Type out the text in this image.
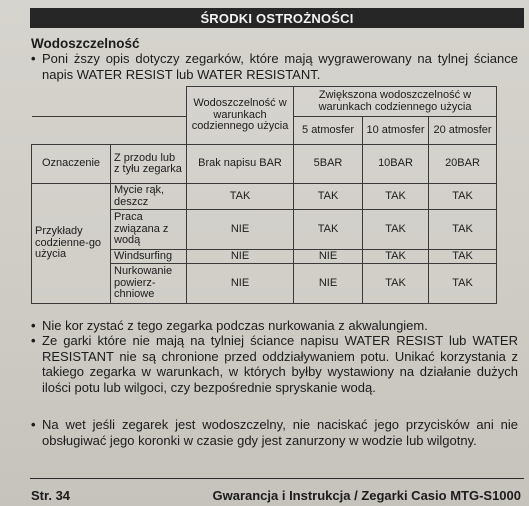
ŚRODKI OSTROŻNOŚCI
Wodoszczelność
• Poni ższy opis dotyczy zegarków, które mają wygrawerowany na tylnej ściance napis WATER RESIST lub WATER RESISTANT.
		Wodoszczelność w warunkach codziennego użycia	Zwiększona wodoszczelność w warunkach codziennego użycia		
			5 atmosfer	10 atmosfer	20 atmosfer
Oznaczenie	Z przodu lub z tyłu zegarka	Brak napisu BAR	5BAR	10BAR	20BAR
Przykłady codzienne-go użycia	Mycie rąk, deszcz	TAK	TAK	TAK	TAK
	Praca związana z wodą	NIE	TAK	TAK	TAK
	Windsurfing	NIE	NIE	TAK	TAK
	Nurkowanie powierz-chniowe	NIE	NIE	TAK	TAK
• Nie kor zystać z tego zegarka podczas nurkowania z akwalungiem.
• Ze garki które nie mają na tylniej ściance napisu WATER RESIST lub WATER RESISTANT nie są chronione przed oddziaływaniem potu. Unikać korzystania z takiego zegarka w warunkach, w których byłby wystawiony na działanie dużych ilości potu lub wilgoci, czy bezpośrednie spryskanie wodą.
• Na wet jeśli zegarek jest wodoszczelny, nie naciskać jego przycisków ani nie obsługiwać jego koronki w czasie gdy jest zanurzony w wodzie lub wilgotny.
Str. 34	Gwarancja i Instrukcja / Zegarki Casio MTG-S1000
